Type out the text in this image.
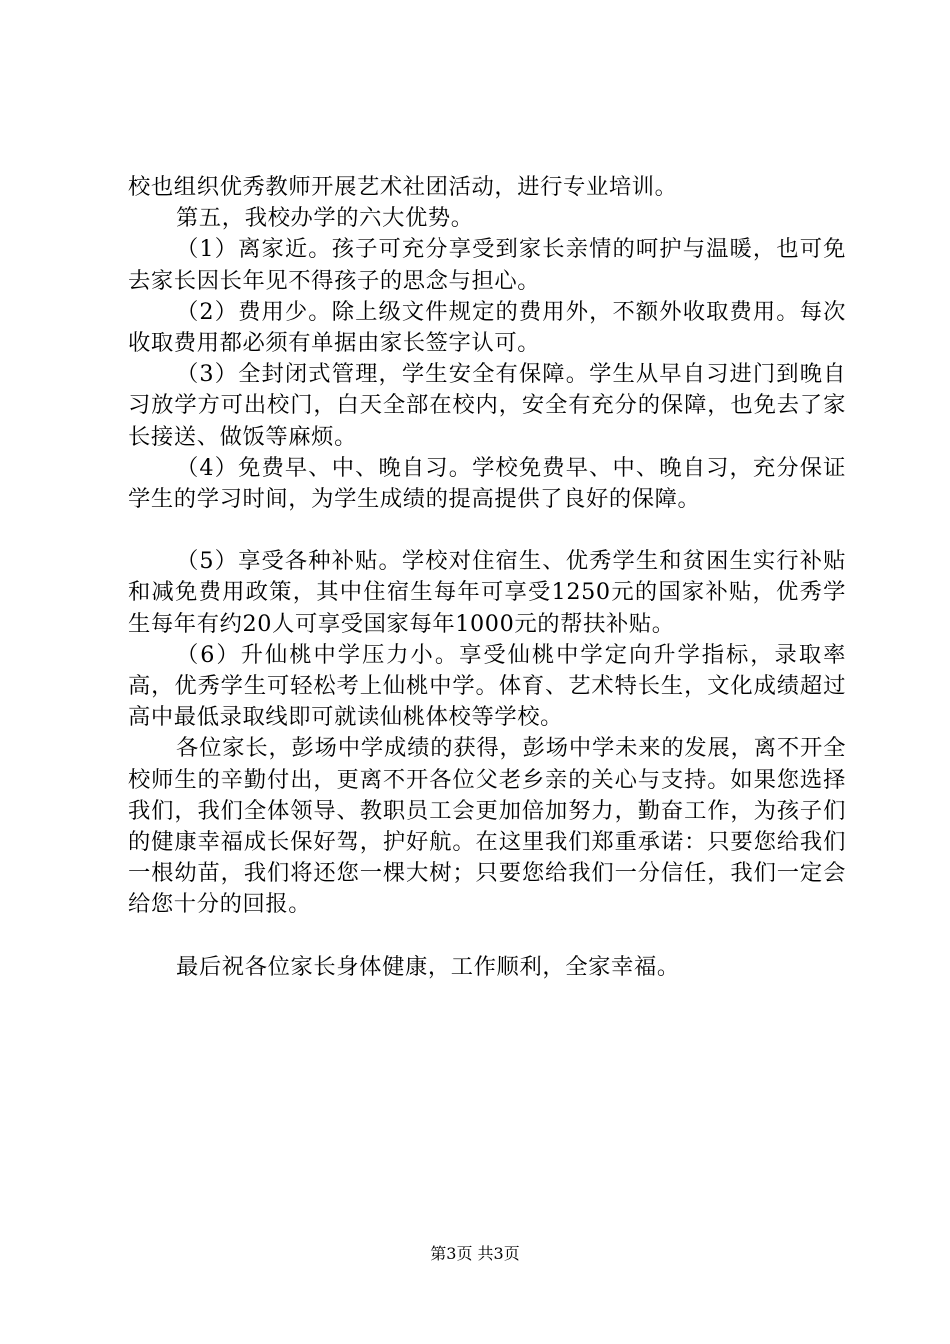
校也组织优秀教师开展艺术社团活动，进行专业培训。

第五，我校办学的六大优势。

（1）离家近。孩子可充分享受到家长亲情的呵护与温暖，也可免去家长因长年见不得孩子的思念与担心。

（2）费用少。除上级文件规定的费用外，不额外收取费用。每次收取费用都必须有单据由家长签字认可。

（3）全封闭式管理，学生安全有保障。学生从早自习进门到晚自习放学方可出校门，白天全部在校内，安全有充分的保障，也免去了家长接送、做饭等麻烦。

（4）免费早、中、晚自习。学校免费早、中、晚自习，充分保证学生的学习时间，为学生成绩的提高提供了良好的保障。

（5）享受各种补贴。学校对住宿生、优秀学生和贫困生实行补贴和减免费用政策，其中住宿生每年可享受1250元的国家补贴，优秀学生每年有约20人可享受国家每年1000元的帮扶补贴。

（6）升仙桃中学压力小。享受仙桃中学定向升学指标，录取率高，优秀学生可轻松考上仙桃中学。体育、艺术特长生，文化成绩超过高中最低录取线即可就读仙桃体校等学校。

各位家长，彭场中学成绩的获得，彭场中学未来的发展，离不开全校师生的辛勤付出，更离不开各位父老乡亲的关心与支持。如果您选择我们，我们全体领导、教职员工会更加倍加努力，勤奋工作，为孩子们的健康幸福成长保好驾，护好航。在这里我们郑重承诺：只要您给我们一根幼苗，我们将还您一棵大树；只要您给我们一分信任，我们一定会给您十分的回报。

最后祝各位家长身体健康，工作顺利，全家幸福。

第3页 共3页
